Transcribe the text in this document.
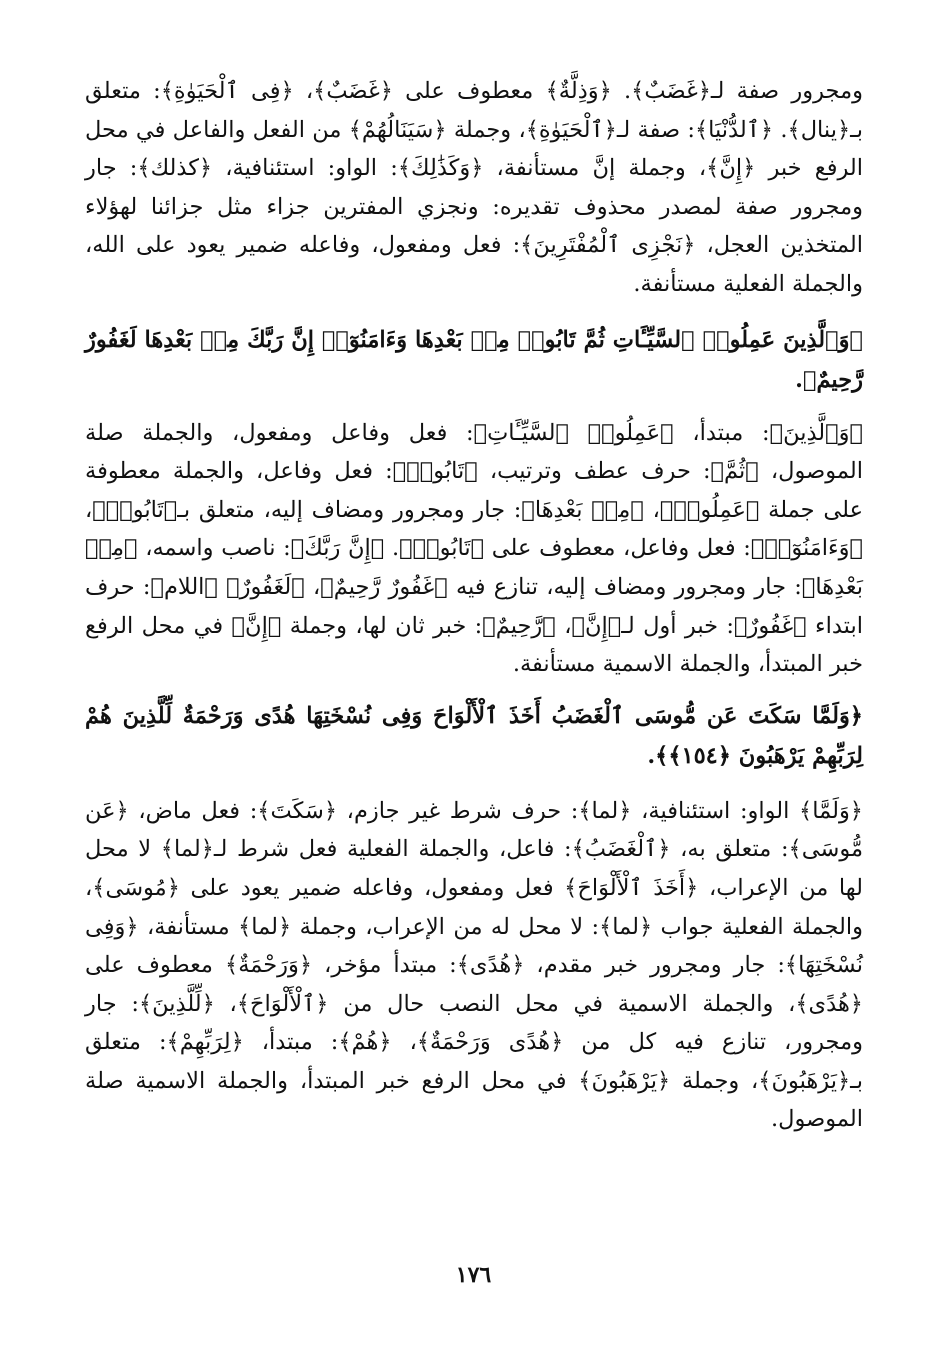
ومجرور صفة لـ﴿غَضَبٌ﴾. ﴿وَذِلَّةٌ﴾ معطوف على ﴿غَضَبٌ﴾، ﴿فِى ٱلْحَيَوٰةِ﴾: متعلق بـ﴿ينال﴾. ﴿ٱلدُّنْيَا﴾: صفة لـ﴿ٱلْحَيَوٰةِ﴾، وجملة ﴿سَيَنَالُهُمْ﴾ من الفعل والفاعل في محل الرفع خبر ﴿إِنَّ﴾، وجملة إنَّ مستأنفة، ﴿وَكَذَٰلِكَ﴾: الواو: استئنافية، ﴿كذلك﴾: جار ومجرور صفة لمصدر محذوف تقديره: ونجزي المفترين جزاء مثل جزائنا لهؤلاء المتخذين العجل، ﴿نَجْزِى ٱلْمُفْتَرِينَ﴾: فعل ومفعول، وفاعله ضمير يعود على الله، والجملة الفعلية مستأنفة.

﴿وَٱلَّذِينَ عَمِلُوا۟ ٱلسَّيِّـَٔاتِ ثُمَّ تَابُوا۟ مِنۢ بَعْدِهَا وَءَامَنُوٓا۟ إِنَّ رَبَّكَ مِنۢ بَعْدِهَا لَغَفُورٌ رَّحِيمٌ﴾.

﴿وَٱلَّذِينَ﴾: مبتدأ، ﴿عَمِلُوا۟ ٱلسَّيِّـَٔاتِ﴾: فعل وفاعل ومفعول، والجملة صلة الموصول، ﴿ثُمَّ﴾: حرف عطف وترتيب، ﴿تَابُوا۟﴾: فعل وفاعل، والجملة معطوفة على جملة ﴿عَمِلُوا۟﴾، ﴿مِنۢ بَعْدِهَا﴾: جار ومجرور ومضاف إليه، متعلق بـ﴿تَابُوا۟﴾، ﴿وَءَامَنُوٓا۟﴾: فعل وفاعل، معطوف على ﴿تَابُوا۟﴾. ﴿إِنَّ رَبَّكَ﴾: ناصب واسمه، ﴿مِنۢ بَعْدِهَا﴾: جار ومجرور ومضاف إليه، تنازع فيه ﴿غَفُورٌ رَّحِيمٌ﴾، ﴿لَغَفُورٌ﴾ ﴿اللام﴾: حرف ابتداء ﴿غَفُورٌ﴾: خبر أول لـ﴿إِنَّ﴾، ﴿رَّحِيمٌ﴾: خبر ثان لها، وجملة ﴿إِنَّ﴾ في محل الرفع خبر المبتدأ، والجملة الاسمية مستأنفة.

﴿وَلَمَّا سَكَتَ عَن مُّوسَى ٱلْغَضَبُ أَخَذَ ٱلْأَلْوَاحَ وَفِى نُسْخَتِهَا هُدًى وَرَحْمَةٌ لِّلَّذِينَ هُمْ لِرَبِّهِمْ يَرْهَبُونَ ﴿١٥٤﴾﴾.

﴿وَلَمَّا﴾ الواو: استئنافية، ﴿لما﴾: حرف شرط غير جازم، ﴿سَكَتَ﴾: فعل ماض، ﴿عَن مُّوسَى﴾: متعلق به، ﴿ٱلْغَضَبُ﴾: فاعل، والجملة الفعلية فعل شرط لـ﴿لما﴾ لا محل لها من الإعراب، ﴿أَخَذَ ٱلْأَلْوَاحَ﴾ فعل ومفعول، وفاعله ضمير يعود على ﴿مُوسَى﴾، والجملة الفعلية جواب ﴿لما﴾: لا محل له من الإعراب، وجملة ﴿لما﴾ مستأنفة، ﴿وَفِى نُسْخَتِهَا﴾: جار ومجرور خبر مقدم، ﴿هُدًى﴾: مبتدأ مؤخر، ﴿وَرَحْمَةٌ﴾ معطوف على ﴿هُدًى﴾، والجملة الاسمية في محل النصب حال من ﴿ٱلْأَلْوَاحَ﴾، ﴿لِّلَّذِينَ﴾: جار ومجرور، تنازع فيه كل من ﴿هُدًى وَرَحْمَةٌ﴾، ﴿هُمْ﴾: مبتدأ، ﴿لِرَبِّهِمْ﴾: متعلق بـ﴿يَرْهَبُونَ﴾، وجملة ﴿يَرْهَبُونَ﴾ في محل الرفع خبر المبتدأ، والجملة الاسمية صلة الموصول.

١٧٦
